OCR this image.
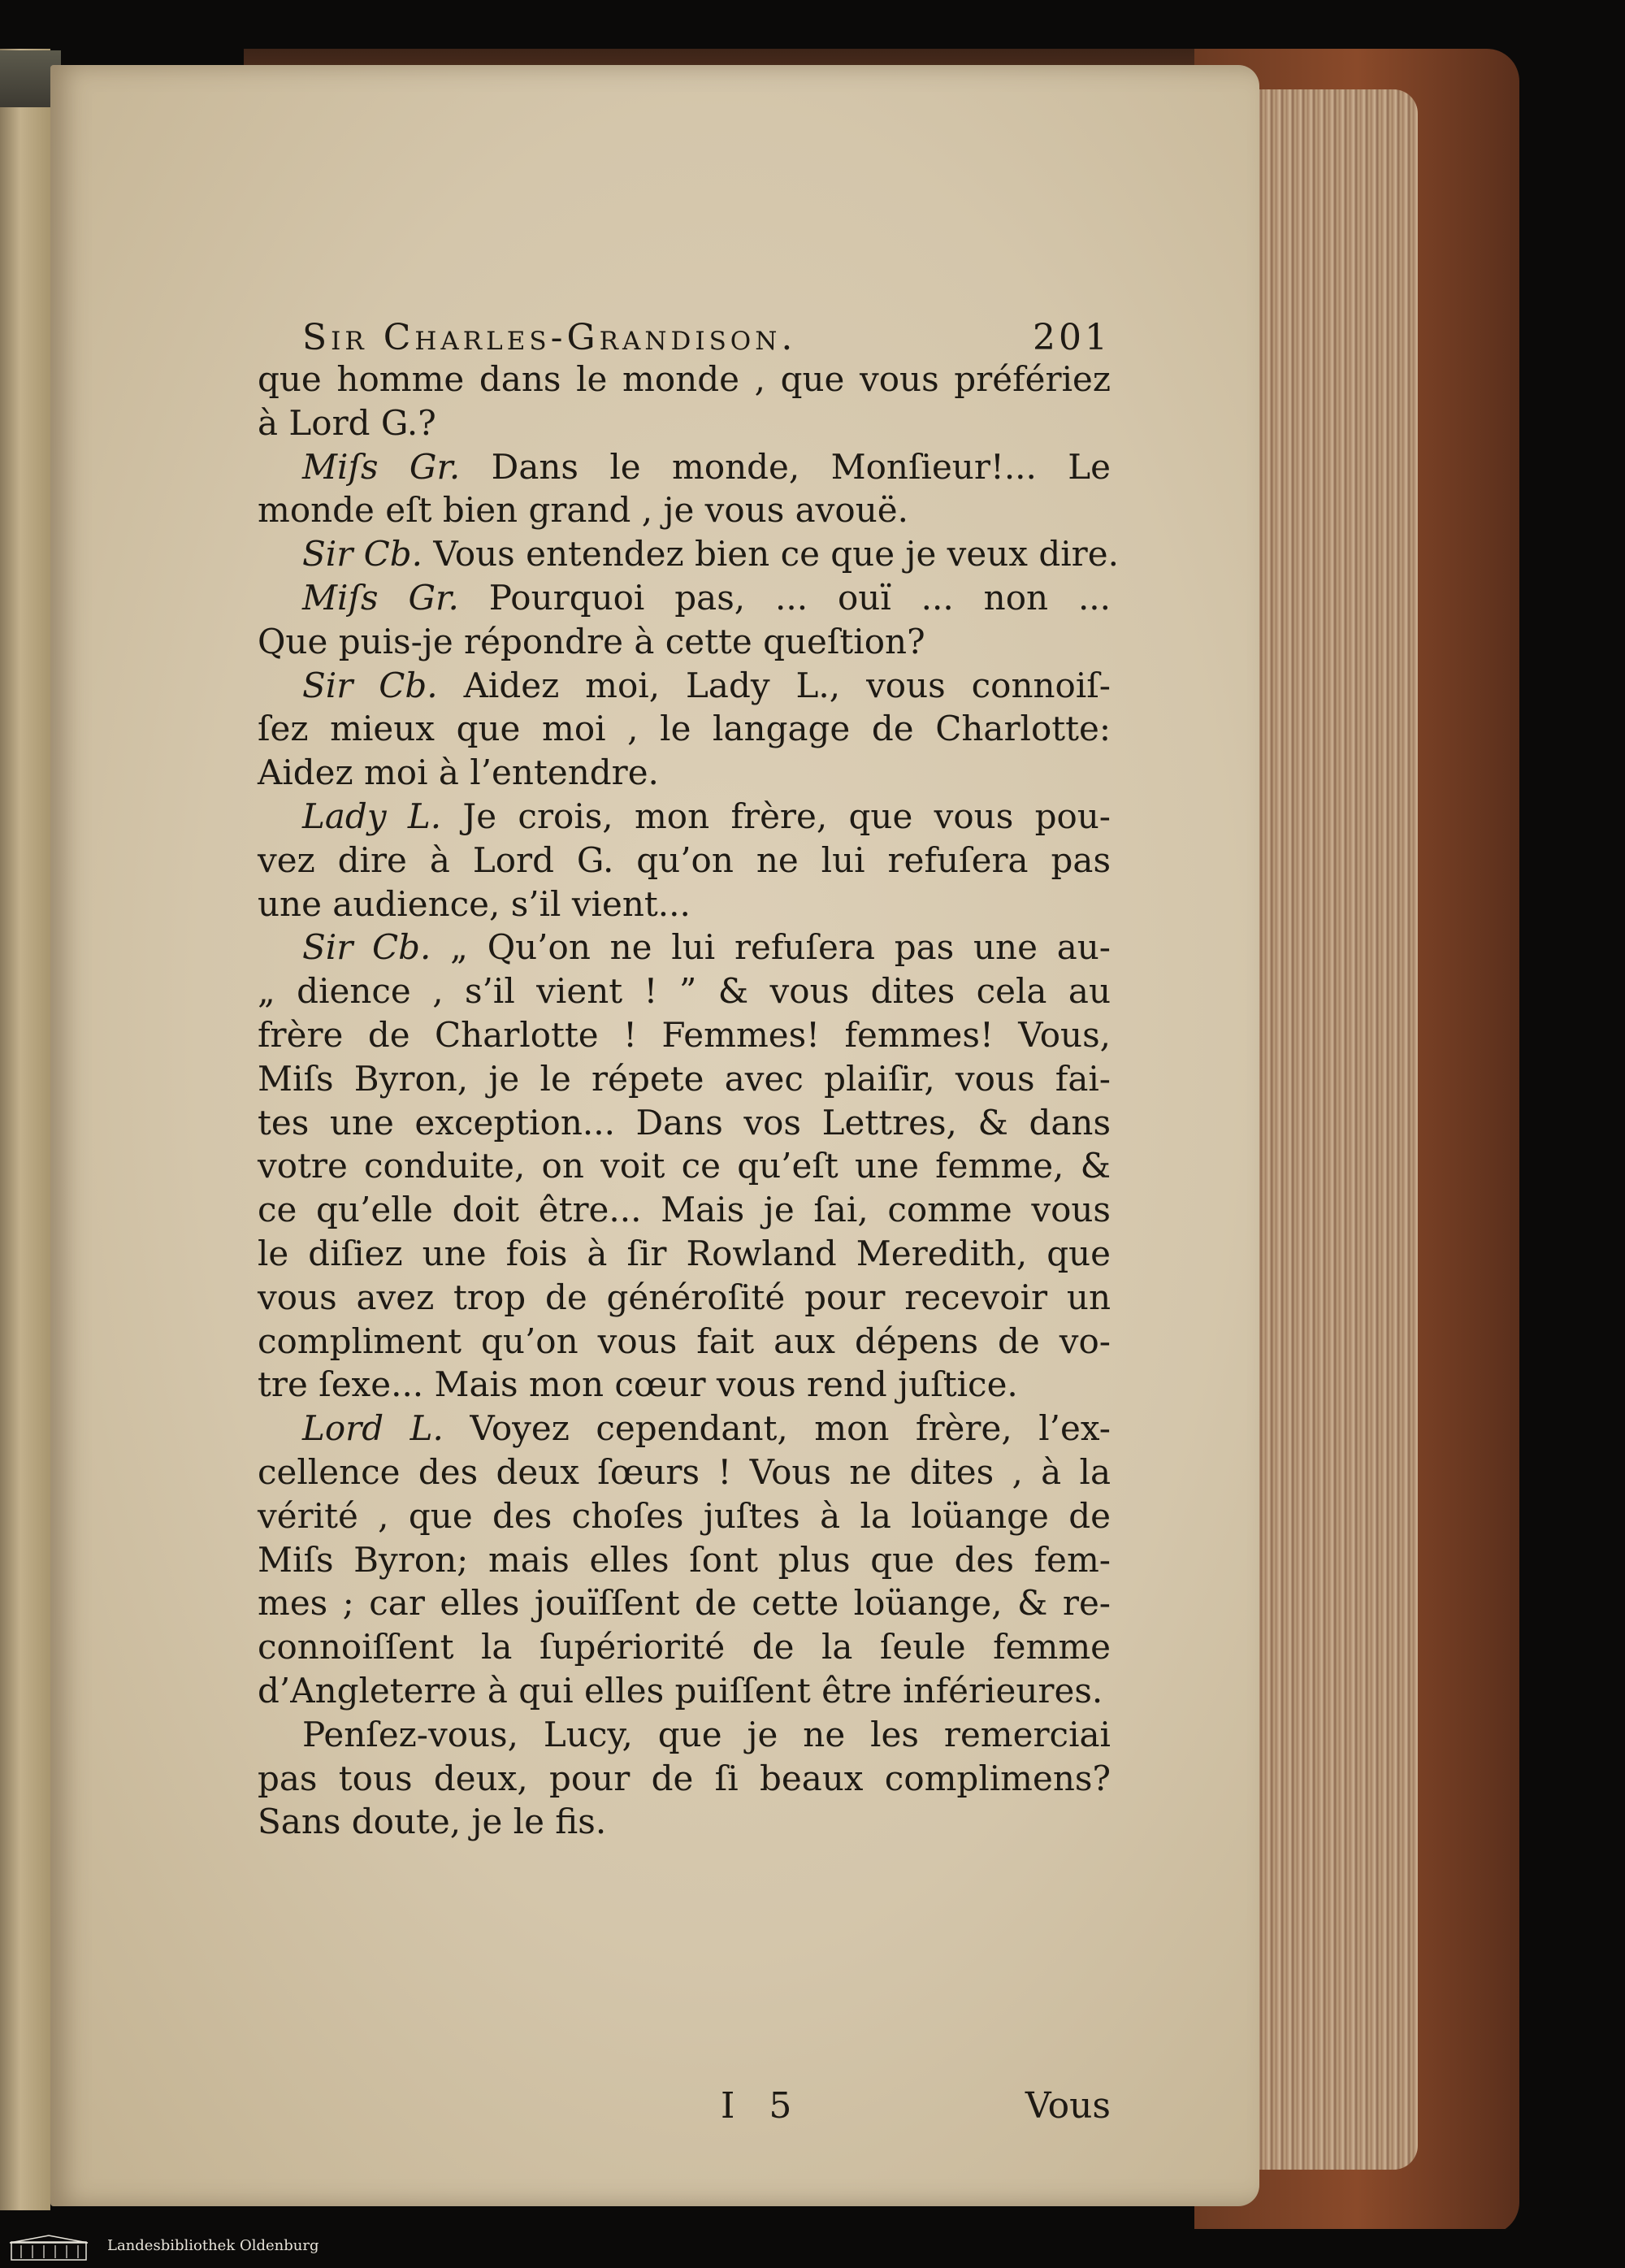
Sir Charles-Grandison.	201
que homme dans le monde , que vous préfériez
à Lord G.?
Miſs Gr. Dans le monde, Monſieur!... Le
monde eſt bien grand , je vous avouë.
Sir Cb. Vous entendez bien ce que je veux dire.
Miſs Gr. Pourquoi pas, ... ouï ... non ...
Que puis-je répondre à cette queſtion?
Sir Cb. Aidez moi, Lady L., vous connoiſ-
ſez mieux que moi , le langage de Charlotte:
Aidez moi à l’entendre.
Lady L. Je crois, mon frère, que vous pou-
vez dire à Lord G. qu’on ne lui refuſera pas
une audience, s’il vient...
Sir Cb. „ Qu’on ne lui refuſera pas une au-
„ dience , s’il vient ! ” & vous dites cela au
frère de Charlotte ! Femmes! femmes! Vous,
Miſs Byron, je le répete avec plaiſir, vous fai-
tes une exception... Dans vos Lettres, & dans
votre conduite, on voit ce qu’eſt une femme, &
ce qu’elle doit être... Mais je ſai, comme vous
le diſiez une fois à ſir Rowland Meredith, que
vous avez trop de généroſité pour recevoir un
compliment qu’on vous fait aux dépens de vo-
tre ſexe... Mais mon cœur vous rend juſtice.
Lord L. Voyez cependant, mon frère, l’ex-
cellence des deux ſœurs ! Vous ne dites , à la
vérité , que des choſes juſtes à la loüange de
Miſs Byron; mais elles ſont plus que des fem-
mes ; car elles jouïſſent de cette loüange, & re-
connoiſſent la ſupériorité de la ſeule femme
d’Angleterre à qui elles puiſſent être inférieures.
Penſez-vous, Lucy, que je ne les remerciai
pas tous deux, pour de ſi beaux complimens?
Sans doute, je le fis.
I 5	Vous
Landesbibliothek Oldenburg
